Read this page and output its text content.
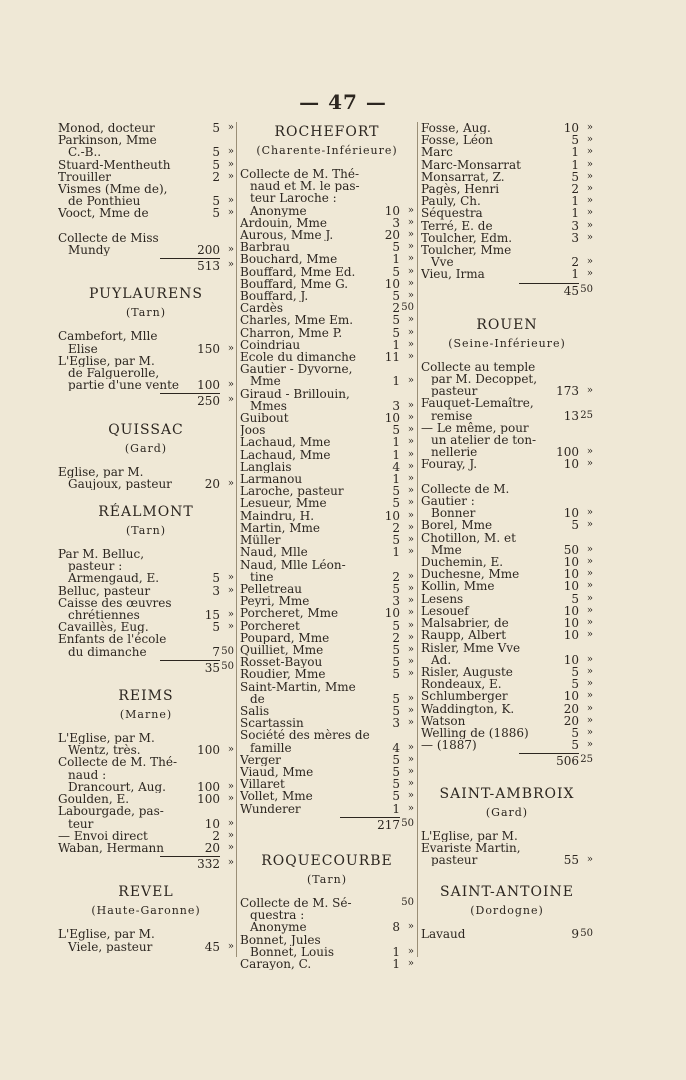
— 47 —
Monod, docteur	5 »
Parkinson, Mme
C.-B..	5 »
Stuard-Mentheuth	5 »
Trouiller	2 »
Vismes (Mme de),
de Ponthieu	5 »
Vooct, Mme de	5 »
Collecte de Miss
Mundy	200 »
513 »
PUYLAURENS
(Tarn)
Cambefort, Mlle
Elise	150 »
L'Eglise, par M.
de Falguerolle,
partie d'une vente	100 »
250 »
QUISSAC
(Gard)
Eglise, par M.
Gaujoux, pasteur	20 »
RÉALMONT
(Tarn)
Par M. Belluc,
pasteur :
Armengaud, E.	5 »
Belluc, pasteur	3 »
Caisse des œuvres
chrétiennes	15 »
Cavaillès, Eug.	5 »
Enfants de l'école
du dimanche	7 50
35 50
REIMS
(Marne)
L'Eglise, par M.
Wentz, très.	100 »
Collecte de M. Thé-
naud :
Drancourt, Aug.	100 »
Goulden, E.	100 »
Labourgade, pas-
teur	10 »
— Envoi direct	2 »
Waban, Hermann	20 »
332 »
REVEL
(Haute-Garonne)
L'Eglise, par M.
Viele, pasteur	45 »
ROCHEFORT
(Charente-Inférieure)
Collecte de M. Thé-
naud et M. le pas-
teur Laroche :
Anonyme	10 »
Ardouin, Mme	3 »
Aurous, Mme J.	20 »
Barbrau	5 »
Bouchard, Mme	1 »
Bouffard, Mme Ed.	5 »
Bouffard, Mme G.	10 »
Bouffard, J.	5 »
Cardès	2 50
Charles, Mme Em.	5 »
Charron, Mme P.	5 »
Coindriau	1 »
Ecole du dimanche	11 »
Gautier - Dyvorne,
Mme	1 »
Giraud - Brillouin,
Mmes	3 »
Guibout	10 »
Joos	5 »
Lachaud, Mme	1 »
Lachaud, Mme	1 »
Langlais	4 »
Larmanou	1 »
Laroche, pasteur	5 »
Lesueur, Mme	5 »
Maindru, H.	10 »
Martin, Mme	2 »
Müller	5 »
Naud, Mlle	1 »
Naud, Mlle Léon-
tine	2 »
Pelletreau	5 »
Peyri, Mme	3 »
Porcheret, Mme	10 »
Porcheret	5 »
Poupard, Mme	2 »
Quilliet, Mme	5 »
Rosset-Bayou	5 »
Roudier, Mme	5 »
Saint-Martin, Mme
de	5 »
Salis	5 »
Scartassin	3 »
Société des mères de
famille	4 »
Verger	5 »
Viaud, Mme	5 »
Villaret	5 »
Vollet, Mme	5 »
Wunderer	1 »
217 50
ROQUECOURBE
(Tarn)
Collecte de M. Sé-	50
questra :
Anonyme	8 »
Bonnet, Jules
Bonnet, Louis	1 »
Carayon, C.	1 »
Fosse, Aug.	10 »
Fosse, Léon	5 »
Marc	1 »
Marc-Monsarrat	1 »
Monsarrat, Z.	5 »
Pagès, Henri	2 »
Pauly, Ch.	1 »
Séquestra	1 »
Terré, E. de	3 »
Toulcher, Edm.	3 »
Toulcher, Mme
Vve	2 »
Vieu, Irma	1 »
45 50
ROUEN
(Seine-Inférieure)
Collecte au temple
par M. Decoppet,
pasteur	173 »
Fauquet-Lemaître,
remise	13 25
— Le même, pour
un atelier de ton-
nellerie	100 »
Fouray, J.	10 »
Collecte de M.
Gautier :
Bonner	10 »
Borel, Mme	5 »
Chotillon, M. et
Mme	50 »
Duchemin, E.	10 »
Duchesne, Mme	10 »
Kollin, Mme	10 »
Lesens	5 »
Lesouef	10 »
Malsabrier, de	10 »
Raupp, Albert	10 »
Risler, Mme Vve
Ad.	10 »
Risler, Auguste	5 »
Rondeaux, E.	5 »
Schlumberger	10 »
Waddington, K.	20 »
Watson	20 »
Welling de (1886)	5 »
— (1887)	5 »
506 25
SAINT-AMBROIX
(Gard)
L'Eglise, par M.
Evariste Martin,
pasteur	55 »
SAINT-ANTOINE
(Dordogne)
Lavaud	9 50
